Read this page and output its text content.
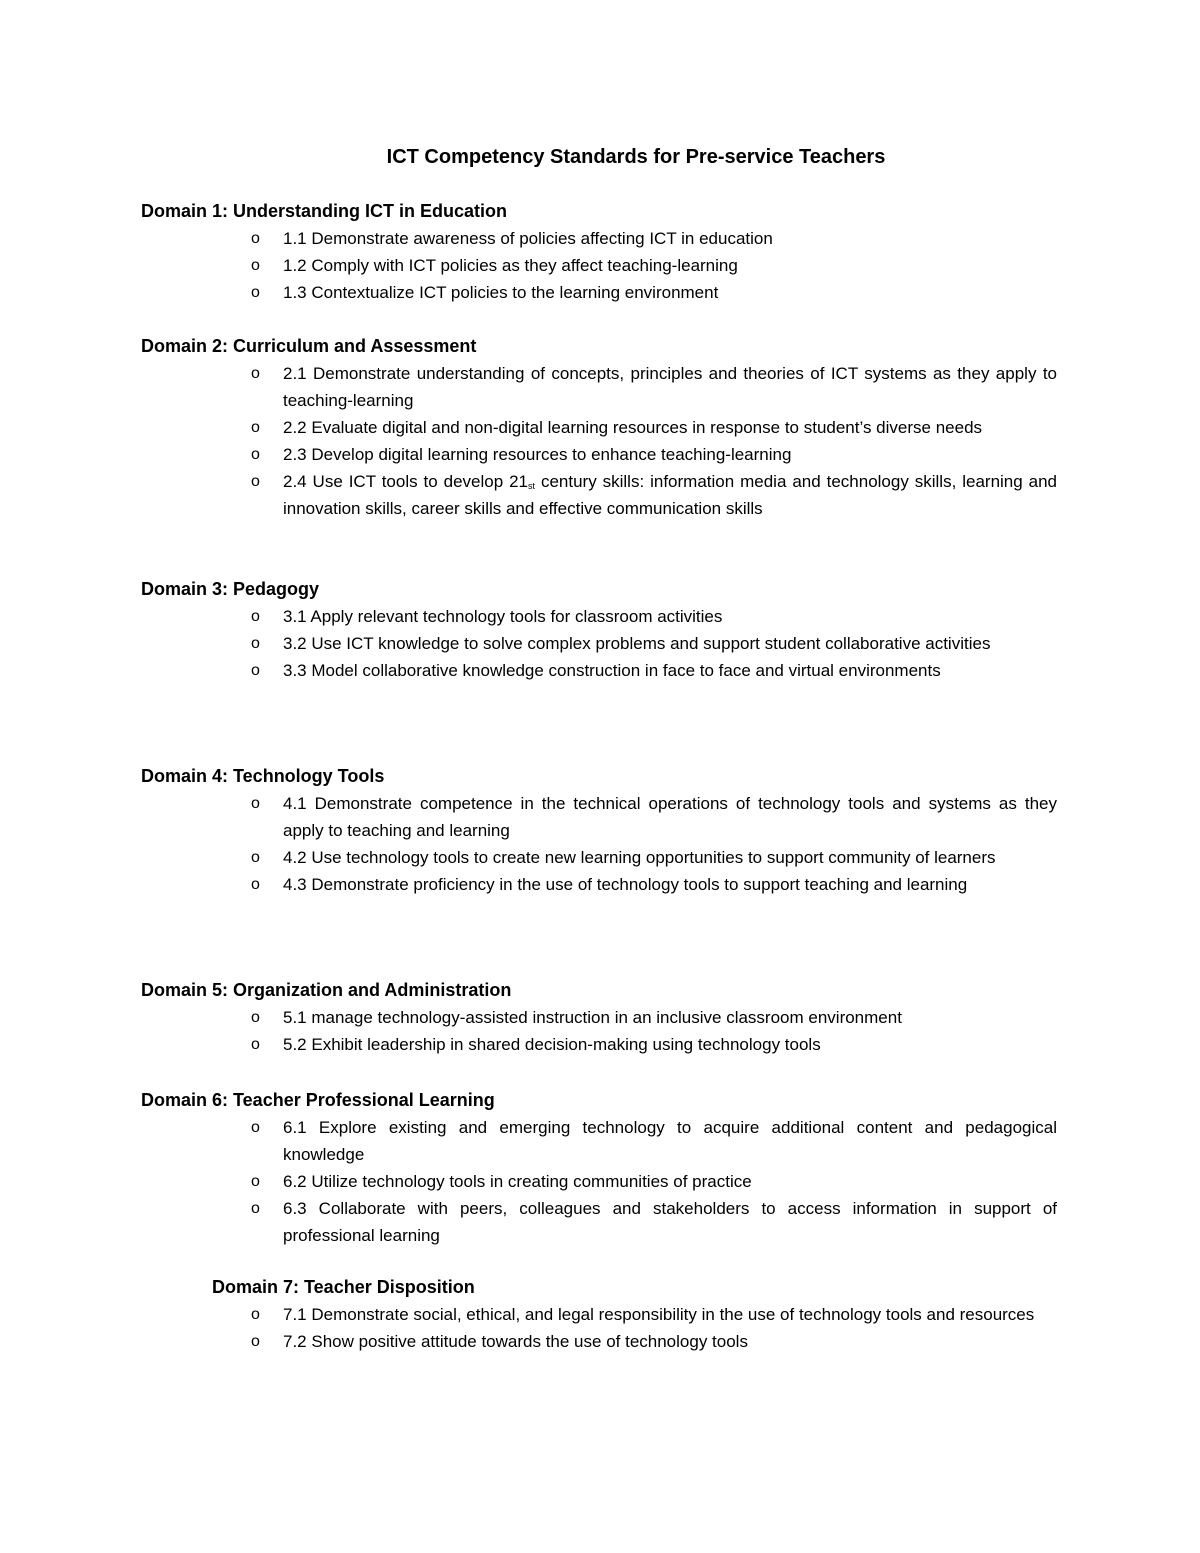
ICT Competency Standards for Pre-service Teachers
Domain 1: Understanding ICT in Education
o 1.1 Demonstrate awareness of policies affecting ICT in education
o 1.2 Comply with ICT policies as they affect teaching-learning
o 1.3 Contextualize ICT policies to the learning environment
Domain 2: Curriculum and Assessment
o 2.1 Demonstrate understanding of concepts, principles and theories of ICT systems as they apply to teaching-learning
o 2.2 Evaluate digital and non-digital learning resources in response to student’s diverse needs
o 2.3 Develop digital learning resources to enhance teaching-learning
o 2.4 Use ICT tools to develop 21st century skills: information media and technology skills, learning and innovation skills, career skills and effective communication skills
Domain 3: Pedagogy
o 3.1 Apply relevant technology tools for classroom activities
o 3.2 Use ICT knowledge to solve complex problems and support student collaborative activities
o 3.3 Model collaborative knowledge construction in face to face and virtual environments
Domain 4: Technology Tools
o 4.1 Demonstrate competence in the technical operations of technology tools and systems as they apply to teaching and learning
o 4.2 Use technology tools to create new learning opportunities to support community of learners
o 4.3 Demonstrate proficiency in the use of technology tools to support teaching and learning
Domain 5: Organization and Administration
o 5.1 manage technology-assisted instruction in an inclusive classroom environment
o 5.2 Exhibit leadership in shared decision-making using technology tools
Domain 6: Teacher Professional Learning
o 6.1 Explore existing and emerging technology to acquire additional content and pedagogical knowledge
o 6.2 Utilize technology tools in creating communities of practice
o 6.3 Collaborate with peers, colleagues and stakeholders to access information in support of professional learning
Domain 7: Teacher Disposition
o 7.1 Demonstrate social, ethical, and legal responsibility in the use of technology tools and resources
o 7.2 Show positive attitude towards the use of technology tools
